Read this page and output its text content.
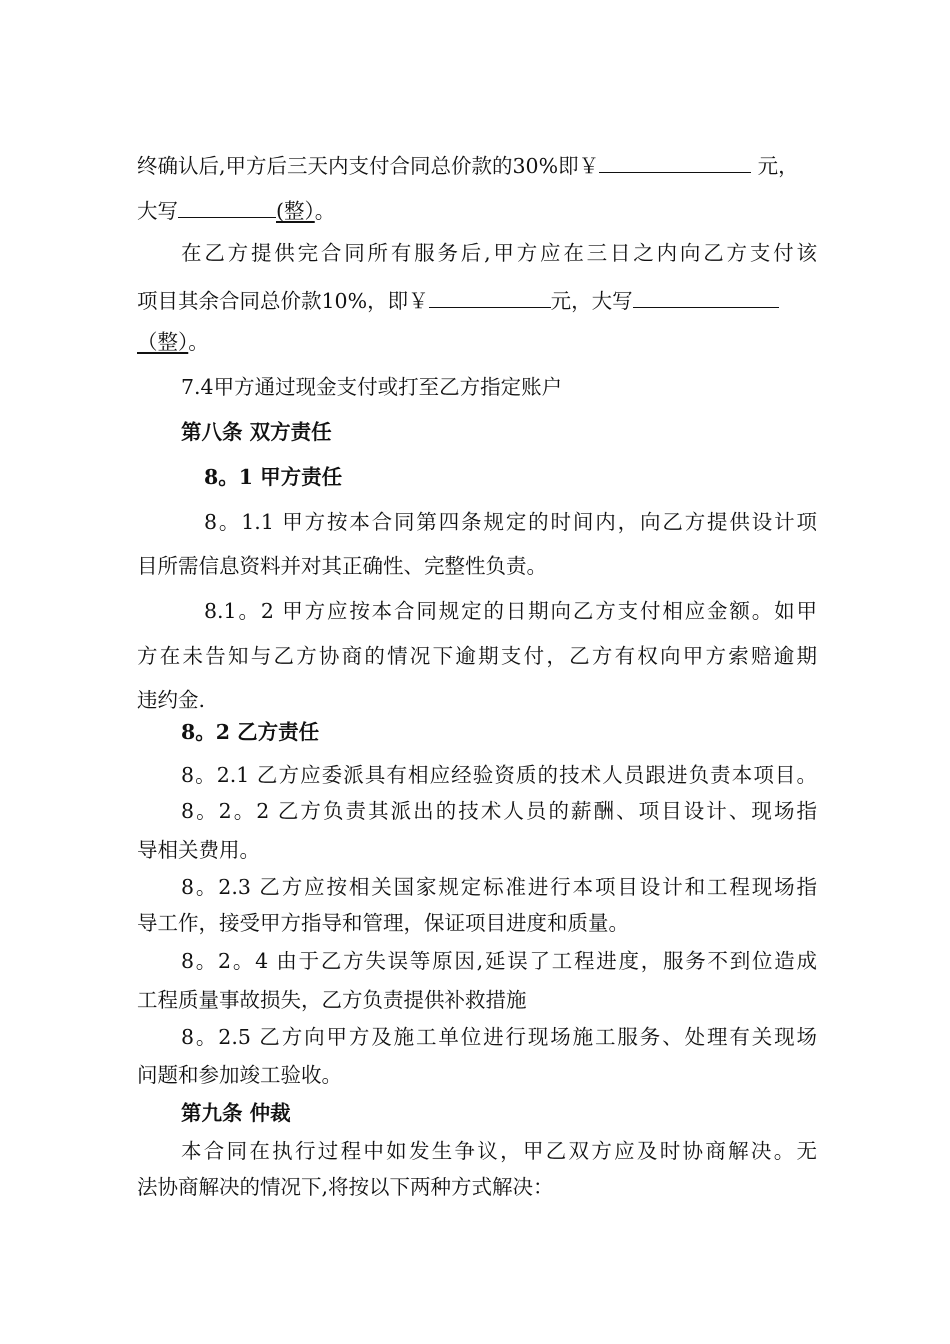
终确认后,甲方后三天内支付合同总价款的30%即￥	元，
大写	(整）。
在乙方提供完合同所有服务后,甲方应在三日之内向乙方支付该
项目其余合同总价款10%，即￥	元，大写
（整）。
7.4甲方通过现金支付或打至乙方指定账户
第八条 双方责任
8。1 甲方责任
8。1.1 甲方按本合同第四条规定的时间内，向乙方提供设计项
目所需信息资料并对其正确性、完整性负责。
8.1。2 甲方应按本合同规定的日期向乙方支付相应金额。如甲
方在未告知与乙方协商的情况下逾期支付，乙方有权向甲方索赔逾期
违约金.
8。2 乙方责任
8。2.1 乙方应委派具有相应经验资质的技术人员跟进负责本项目。
8。2。2 乙方负责其派出的技术人员的薪酬、项目设计、现场指
导相关费用。
8。2.3 乙方应按相关国家规定标准进行本项目设计和工程现场指
导工作，接受甲方指导和管理，保证项目进度和质量。
8。2。4 由于乙方失误等原因,延误了工程进度，服务不到位造成
工程质量事故损失，乙方负责提供补救措施
8。2.5 乙方向甲方及施工单位进行现场施工服务、处理有关现场
问题和参加竣工验收。
第九条 仲裁
本合同在执行过程中如发生争议，甲乙双方应及时协商解决。无
法协商解决的情况下,将按以下两种方式解决：
